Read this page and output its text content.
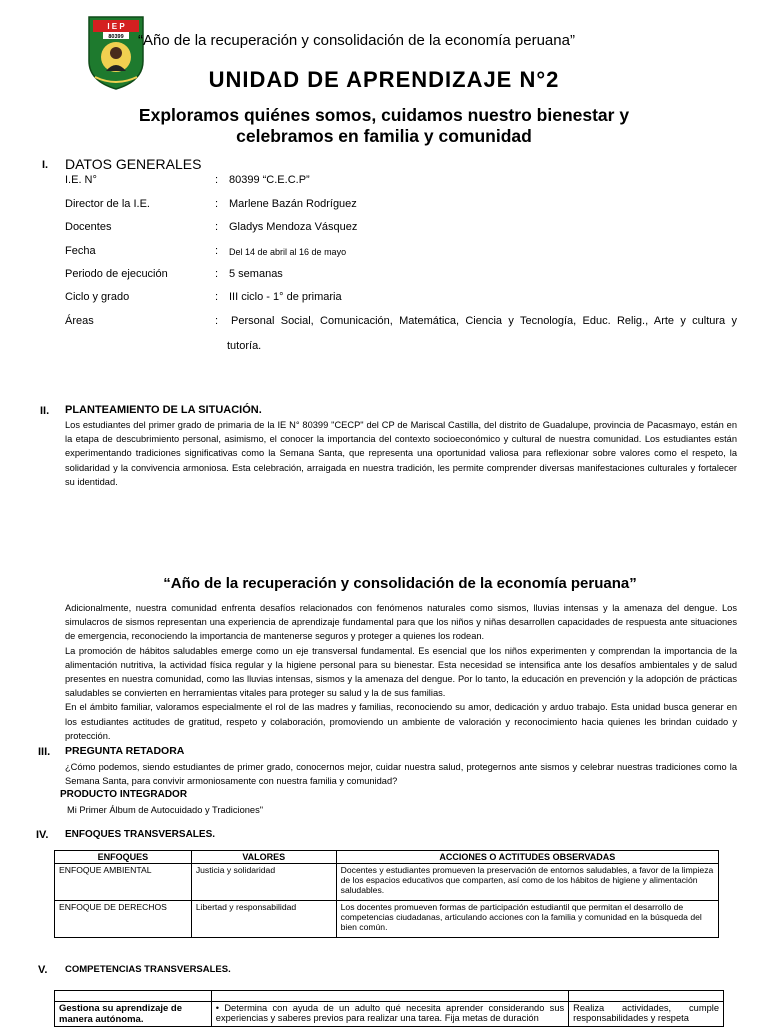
I E P
80399 “Año de la recuperación y consolidación de la economía peruana”
UNIDAD DE APRENDIZAJE N°2
Exploramos quiénes somos, cuidamos nuestro bienestar y
celebramos en familia y comunidad
I. DATOS GENERALES
I.E. N°	: 80399 “C.E.C.P”
Director de la I.E.	: Marlene Bazán Rodríguez
Docentes	: Gladys Mendoza Vásquez
Fecha	: Del 14 de abril al 16 de mayo
Periodo de ejecución	: 5 semanas
Ciclo y grado	: III ciclo - 1° de primaria
Áreas	: Personal Social, Comunicación, Matemática, Ciencia y Tecnología, Educ. Relig., Arte y cultura y
tutoría.
II. PLANTEAMIENTO DE LA SITUACIÓN.
Los estudiantes del primer grado de primaria de la IE N° 80399 "CECP" del CP de Mariscal Castilla, del distrito de Guadalupe, provincia de Pacasmayo, están en la etapa de descubrimiento personal, asimismo, el conocer la importancia del contexto socioeconómico y cultural de nuestra comunidad. Los estudiantes están experimentando tradiciones significativas como la Semana Santa, que representa una oportunidad valiosa para reflexionar sobre valores como el respeto, la solidaridad y la convivencia armoniosa. Esta celebración, arraigada en nuestra tradición, les permite comprender diversas manifestaciones culturales y fortalecer su identidad.
“Año de la recuperación y consolidación de la economía peruana”
Adicionalmente, nuestra comunidad enfrenta desafíos relacionados con fenómenos naturales como sismos, lluvias intensas y la amenaza del dengue. Los simulacros de sismos representan una experiencia de aprendizaje fundamental para que los niños y niñas desarrollen capacidades de respuesta ante situaciones de emergencia, reconociendo la importancia de mantenerse seguros y proteger a quienes los rodean.
La promoción de hábitos saludables emerge como un eje transversal fundamental. Es esencial que los niños experimenten y comprendan la importancia de la alimentación nutritiva, la actividad física regular y la higiene personal para su bienestar. Esta necesidad se intensifica ante los desafíos ambientales y de salud presentes en nuestra comunidad, como las lluvias intensas, sismos y la amenaza del dengue. Por lo tanto, la educación en prevención y la adopción de prácticas saludables se convierten en herramientas vitales para proteger su salud y la de sus familias.
En el ámbito familiar, valoramos especialmente el rol de las madres y familias, reconociendo su amor, dedicación y arduo trabajo. Esta unidad busca generar en los estudiantes actitudes de gratitud, respeto y colaboración, promoviendo un ambiente de valoración y reconocimiento hacia quienes les brindan cuidado y protección.
III. PREGUNTA RETADORA
¿Cómo podemos, siendo estudiantes de primer grado, conocernos mejor, cuidar nuestra salud, protegernos ante sismos y celebrar nuestras tradiciones como la Semana Santa, para convivir armoniosamente con nuestra familia y comunidad?
PRODUCTO INTEGRADOR
Mi Primer Álbum de Autocuidado y Tradiciones"
IV. ENFOQUES TRANSVERSALES.
ENFOQUES	VALORES	ACCIONES O ACTITUDES OBSERVADAS
ENFOQUE AMBIENTAL	Justicia y solidaridad	Docentes y estudiantes promueven la preservación de entornos saludables, a favor de la limpieza de los espacios educativos que comparten, así como de los hábitos de higiene y alimentación saludables.
ENFOQUE DE DERECHOS	Libertad y responsabilidad	Los docentes promueven formas de participación estudiantil que permitan el desarrollo de competencias ciudadanas, articulando acciones con la familia y comunidad en la búsqueda del bien común.
V. COMPETENCIAS TRANSVERSALES.

Gestiona su aprendizaje de manera autónoma.	• Determina con ayuda de un adulto qué necesita aprender considerando sus experiencias y saberes previos para realizar una tarea. Fija metas de duración	Realiza actividades, cumple responsabilidades y respeta
